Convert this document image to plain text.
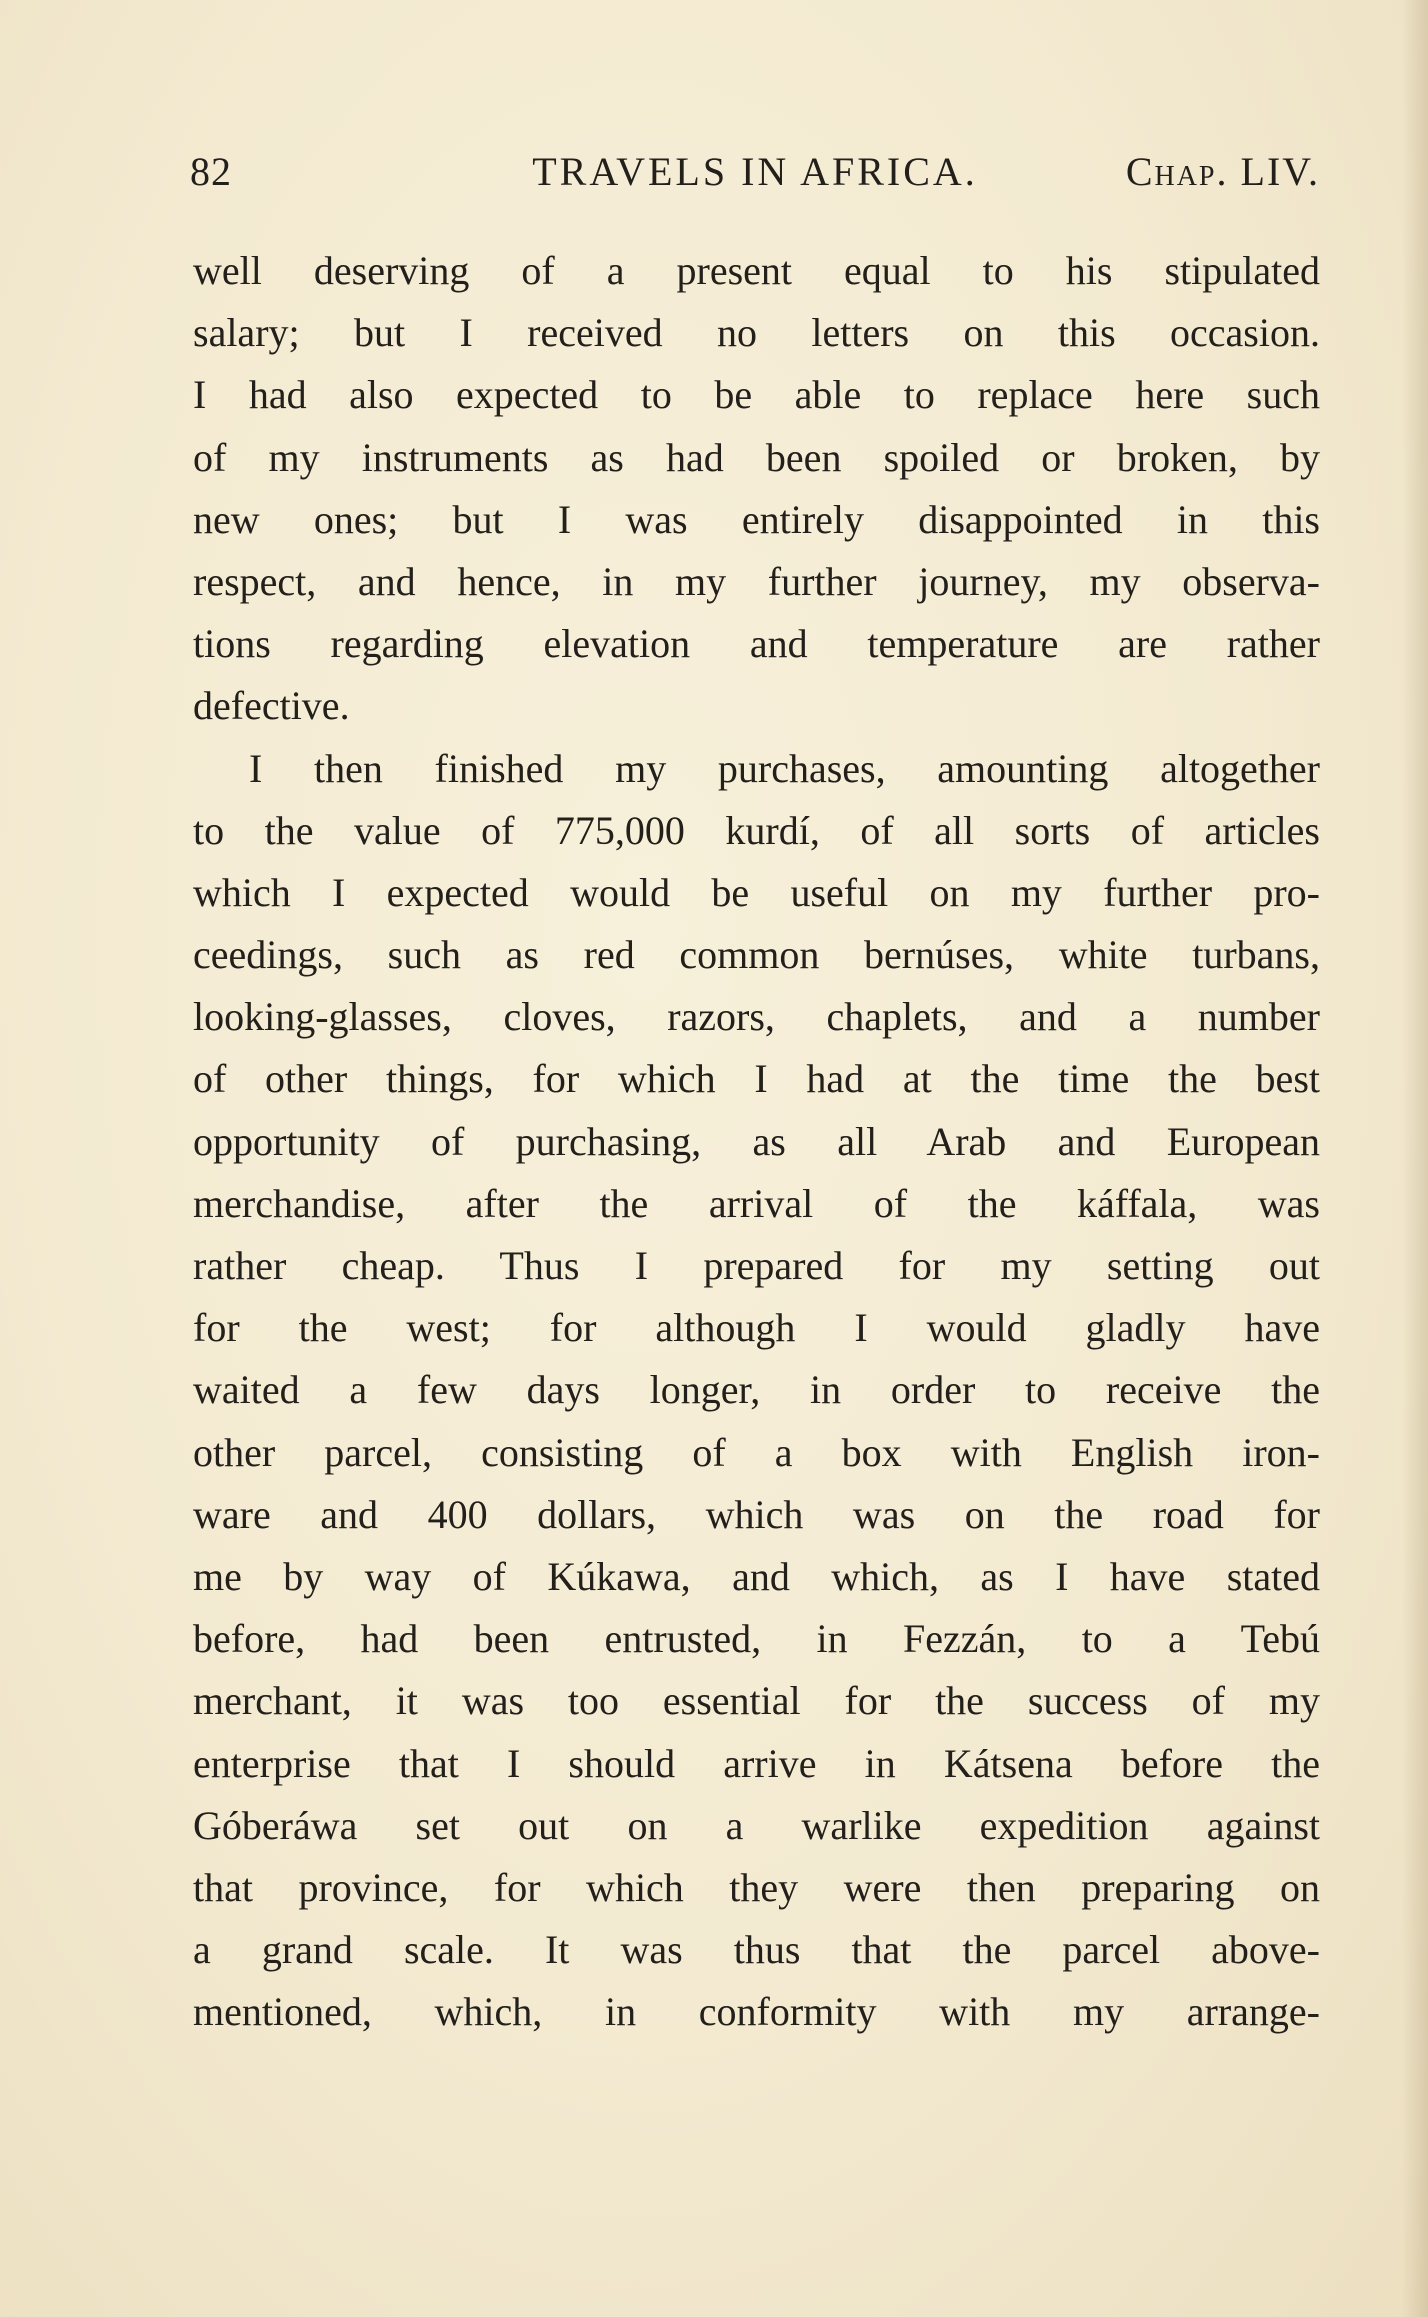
82	TRAVELS IN AFRICA.	Chap. LIV.
well deserving of a present equal to his stipulated
salary; but I received no letters on this occasion.
I had also expected to be able to replace here such
of my instruments as had been spoiled or broken, by
new ones; but I was entirely disappointed in this
respect, and hence, in my further journey, my observa-
tions regarding elevation and temperature are rather
defective.
I then finished my purchases, amounting altogether
to the value of 775,000 kurdí, of all sorts of articles
which I expected would be useful on my further pro-
ceedings, such as red common bernúses, white turbans,
looking-glasses, cloves, razors, chaplets, and a number
of other things, for which I had at the time the best
opportunity of purchasing, as all Arab and European
merchandise, after the arrival of the káffala, was
rather cheap. Thus I prepared for my setting out
for the west; for although I would gladly have
waited a few days longer, in order to receive the
other parcel, consisting of a box with English iron-
ware and 400 dollars, which was on the road for
me by way of Kúkawa, and which, as I have stated
before, had been entrusted, in Fezzán, to a Tebú
merchant, it was too essential for the success of my
enterprise that I should arrive in Kátsena before the
Góberáwa set out on a warlike expedition against
that province, for which they were then preparing on
a grand scale. It was thus that the parcel above-
mentioned, which, in conformity with my arrange-
